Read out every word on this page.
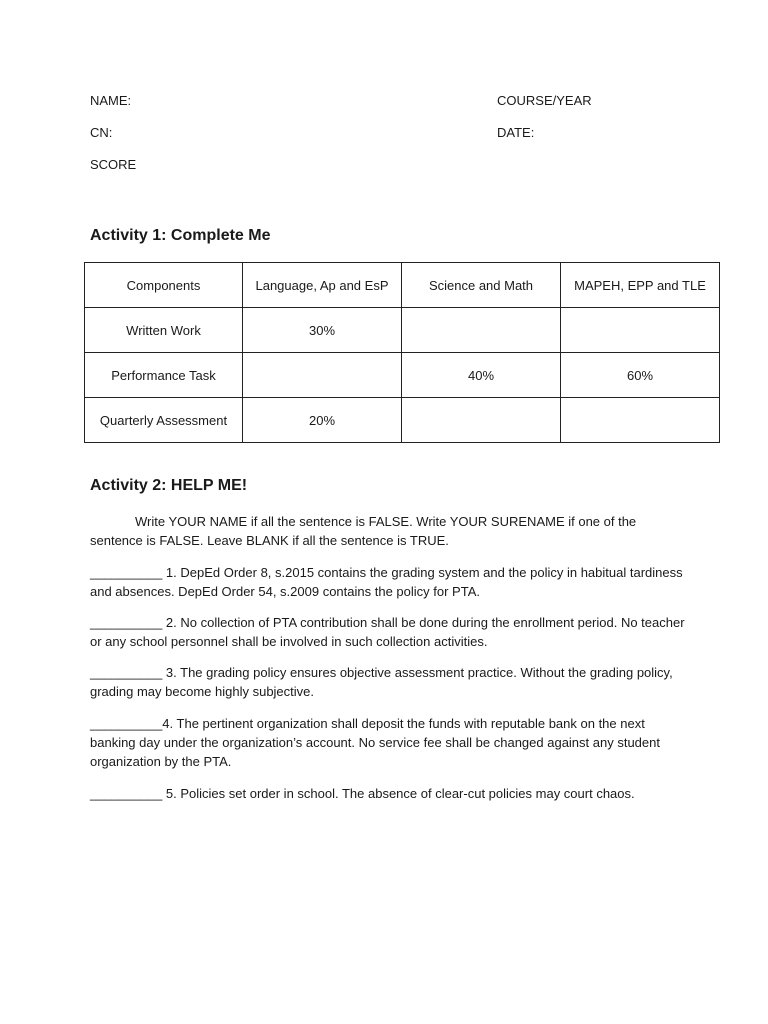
NAME:	COURSE/YEAR
CN:	DATE:
SCORE
Activity 1: Complete Me
Components	Language, Ap and EsP	Science and Math	MAPEH, EPP and TLE
Written Work	30%		
Performance Task		40%	60%
Quarterly Assessment	20%		
Activity 2: HELP ME!

Write YOUR NAME if all the sentence is FALSE. Write YOUR SURENAME if one of the sentence is FALSE. Leave BLANK if all the sentence is TRUE.

__________ 1. DepEd Order 8, s.2015 contains the grading system and the policy in habitual tardiness and absences. DepEd Order 54, s.2009 contains the policy for PTA.

__________ 2. No collection of PTA contribution shall be done during the enrollment period. No teacher or any school personnel shall be involved in such collection activities.

__________ 3. The grading policy ensures objective assessment practice. Without the grading policy, grading may become highly subjective.

__________4. The pertinent organization shall deposit the funds with reputable bank on the next banking day under the organization’s account. No service fee shall be changed against any student organization by the PTA.

__________ 5. Policies set order in school. The absence of clear-cut policies may court chaos.
